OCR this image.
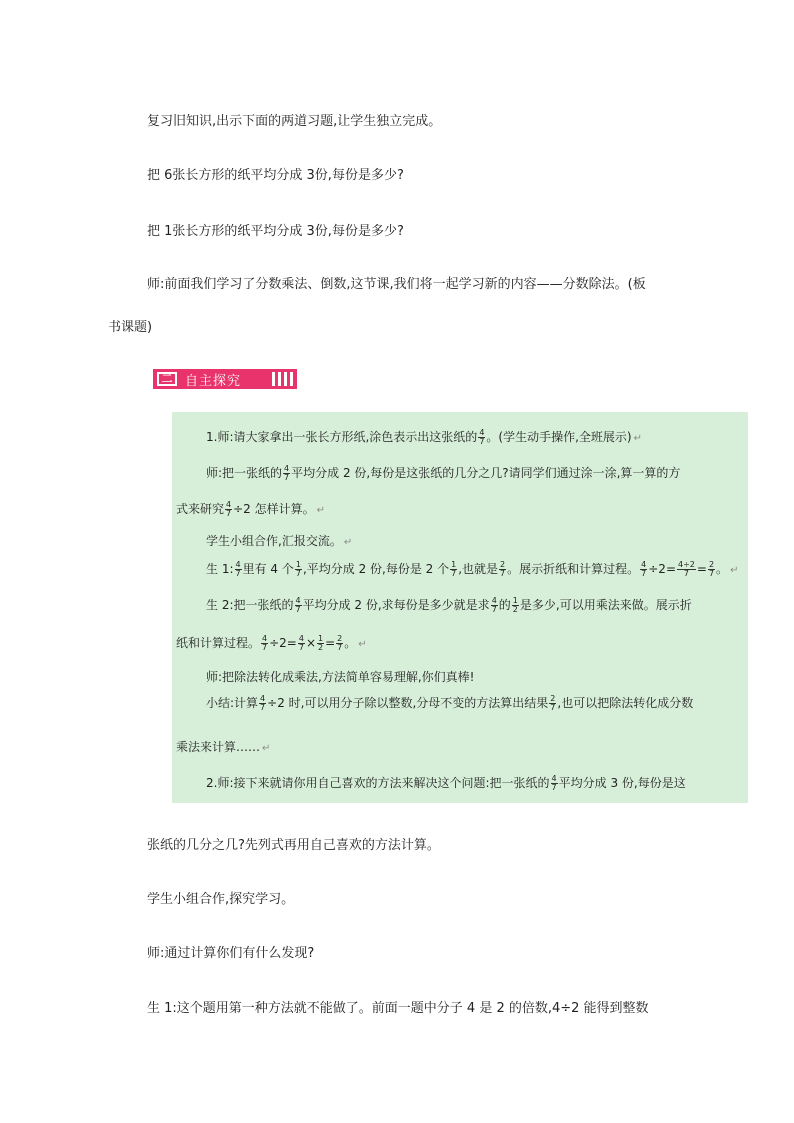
复习旧知识,出示下面的两道习题,让学生独立完成。

把 6张长方形的纸平均分成 3份,每份是多少?

把 1张长方形的纸平均分成 3份,每份是多少?

师:前面我们学习了分数乘法、倒数,这节课,我们将一起学习新的内容——分数除法。(板

书课题)

二 自主探究
1.师:请大家拿出一张长方形纸,涂色表示出这张纸的 $\frac{4}{7}$ 。(学生动手操作,全班展示) ↵
师:把一张纸的 $\frac{4}{7}$ 平均分成 2 份,每份是这张纸的几分之几?请同学们通过涂一涂,算一算的方
式来研究 $\frac{4}{7} \div 2$ 怎样计算。 ↵
学生小组合作,汇报交流。 ↵
生 1: $\frac{4}{7}$ 里有 4 个 $\frac{1}{7}$ ,平均分成 2 份,每份是 2 个 $\frac{1}{7}$ ,也就是 $\frac{2}{7}$ 。展示折纸和计算过程。 $\frac{4}{7} \div 2= \frac{4\div 2}{7} = \frac{2}{7}$ 。 ↵
生 2:把一张纸的 $\frac{4}{7}$ 平均分成 2 份,求每份是多少就是求 $\frac{4}{7}$ 的 $\frac{1}{2}$ 是多少,可以用乘法来做。展示折
纸和计算过程。 $\frac{4}{7} \div 2= \frac{4}{7} \times \frac{1}{2} = \frac{2}{7}$ 。 ↵
师:把除法转化成乘法,方法简单容易理解,你们真棒!
小结:计算 $\frac{4}{7} \div 2$ 时,可以用分子除以整数,分母不变的方法算出结果 $\frac{2}{7}$ ,也可以把除法转化成分数
乘法来计算…… ↵
2.师:接下来就请你用自己喜欢的方法来解决这个问题:把一张纸的 $\frac{4}{7}$ 平均分成 3 份,每份是这

张纸的几分之几?先列式再用自己喜欢的方法计算。

学生小组合作,探究学习。

师:通过计算你们有什么发现?

生 1:这个题用第一种方法就不能做了。前面一题中分子 4 是 2 的倍数,4÷2 能得到整数
